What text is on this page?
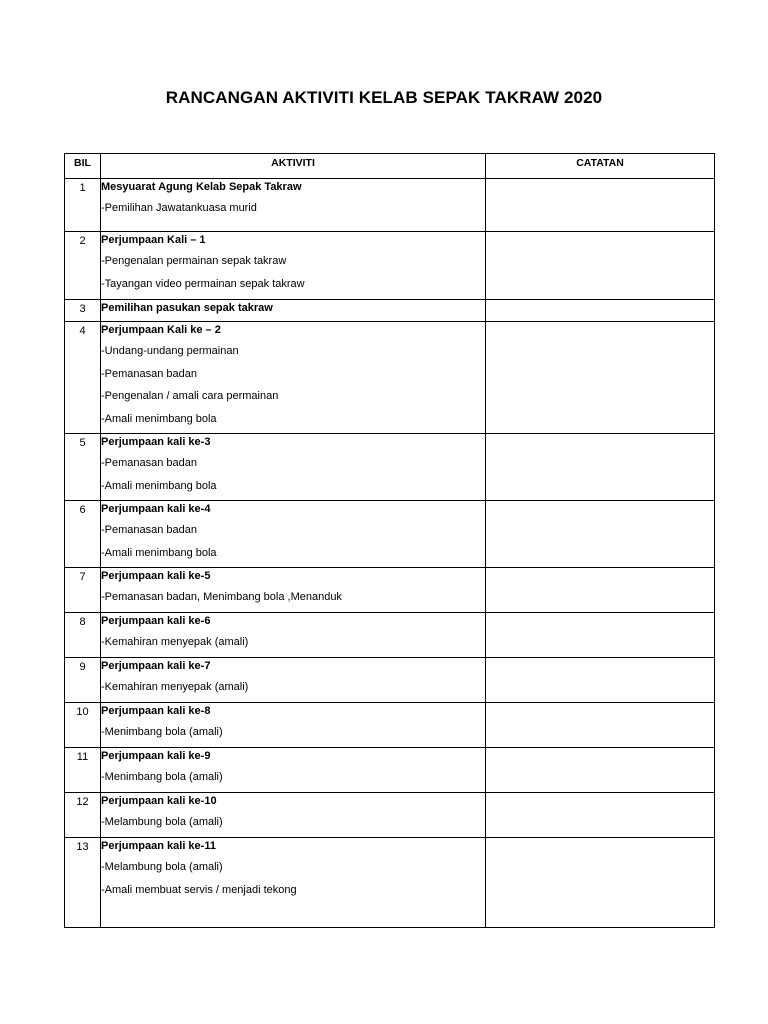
RANCANGAN AKTIVITI KELAB SEPAK TAKRAW 2020
BIL	AKTIVITI	CATATAN
1	Mesyuarat Agung Kelab Sepak Takraw
-Pemilihan Jawatankuasa murid	

2	Perjumpaan Kali – 1
-Pengenalan permainan sepak takraw
-Tayangan video permainan sepak takraw	

3	Pemilihan pasukan sepak takraw	

4	Perjumpaan Kali ke – 2
-Undang-undang permainan
-Pemanasan badan
-Pengenalan / amali cara permainan
-Amali menimbang bola	

5	Perjumpaan kali ke-3
-Pemanasan badan
-Amali menimbang bola	

6	Perjumpaan kali ke-4
-Pemanasan badan
-Amali menimbang bola	

7	Perjumpaan kali ke-5
-Pemanasan badan, Menimbang bola ,Menanduk	

8	Perjumpaan kali ke-6
-Kemahiran menyepak (amali)	

9	Perjumpaan kali ke-7
-Kemahiran menyepak (amali)	

10	Perjumpaan kali ke-8
-Menimbang bola (amali)	

11	Perjumpaan kali ke-9
-Menimbang bola (amali)	

12	Perjumpaan kali ke-10
-Melambung bola (amali)	

13	Perjumpaan kali ke-11
-Melambung bola (amali)
-Amali membuat servis / menjadi tekong	
